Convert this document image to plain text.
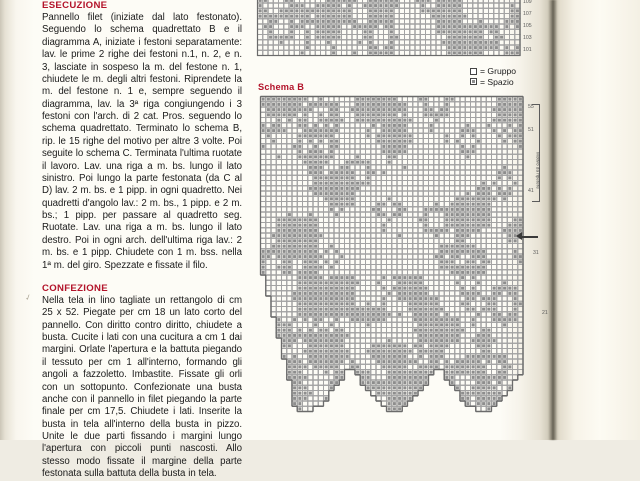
✓
ESECUZIONE

Pannello filet (iniziate dal lato festonato). Seguendo lo schema quadrettato B e il diagramma A, iniziate i festoni separatamente: lav. le prime 2 righe dei festoni n.1, n. 2, e n. 3, lasciate in sospeso la m. del festone n. 1, chiudete le m. degli altri festoni. Riprendete la m. del festone n. 1 e, sempre seguendo il diagramma, lav. la 3ª riga congiungendo i 3 festoni con l'arch. di 2 cat. Pros. seguendo lo schema quadrettato. Terminato lo schema B, rip. le 15 righe del motivo per altre 3 volte. Poi seguite lo schema C. Terminata l'ultima ruotate il lavoro. Lav. una riga a m. bs. lungo il lato sinistro. Poi lungo la parte festonata (da C al D) lav. 2 m. bs. e 1 pipp. in ogni quadretto. Nei quadretti d'angolo lav.: 2 m. bs., 1 pipp. e 2 m. bs.; 1 pipp. per passare al quadretto seg. Ruotate. Lav. una riga a m. bs. lungo il lato destro. Poi in ogni arch. dell'ultima riga lav.: 2 m. bs. e 1 pipp. Chiudete con 1 m. bss. nella 1ª m. del giro. Spezzate e fissate il filo.

CONFEZIONE

Nella tela in lino tagliate un rettangolo di cm 25 x 52. Piegate per cm 18 un lato corto del pannello. Con diritto contro diritto, chiudete a busta. Cucite i lati con una cucitura a cm 1 dai margini. Orlate l'apertura e la battuta piegando il tessuto per cm 1 all'interno, formando gli angoli a fazzoletto. Imbastite. Fissate gli orli con un sottopunto. Confezionate una busta anche con il pannello in filet piegando la parte finale per cm 17,5. Chiudete i lati. Inserite la busta in tela all'interno della busta in pizzo. Unite le due parti fissando i margini lungo l'apertura con piccoli punti nascosti. Allo stesso modo fissate il margine della parte festonata sulla battuta della busta in tela.

= Gruppo
= Spazio
Schema B
109
107
105
103
101
55
51
41
31
21
Motivo da ripetere
